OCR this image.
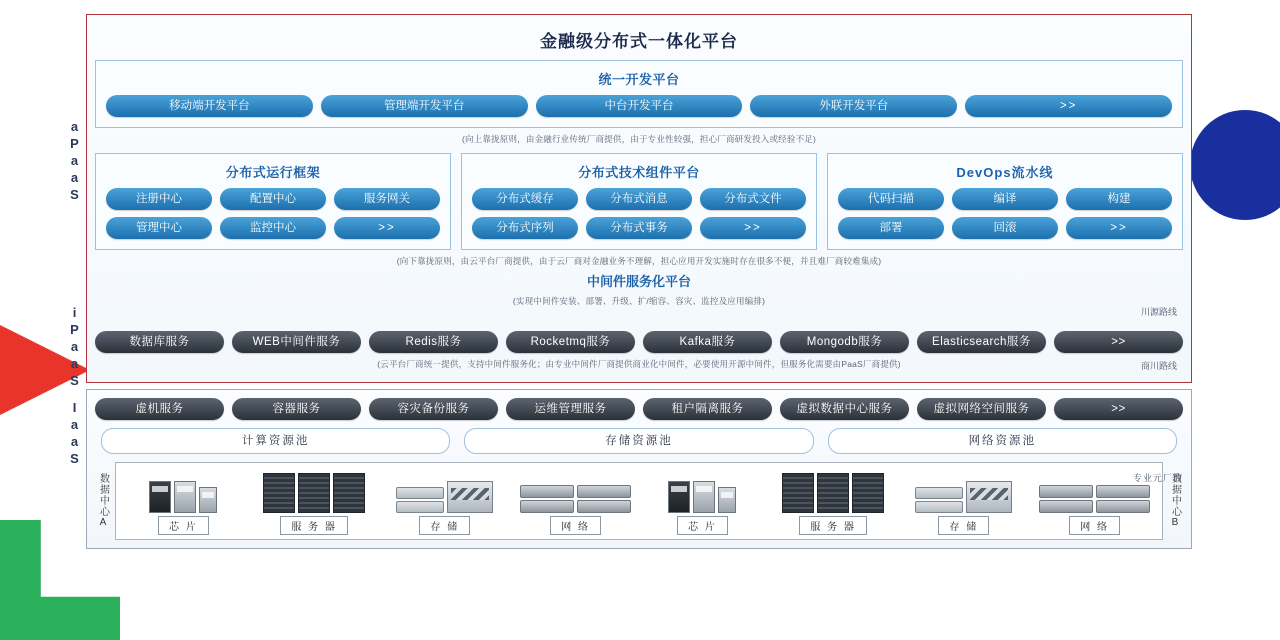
金融级分布式一体化平台
aPaaS
iPaaS
统一开发平台
移动端开发平台	管理端开发平台	中台开发平台	外联开发平台	>>
(向上靠拢原则，由金融行业传统厂商提供，由于专业性较强，担心厂商研发投入或经验不足)
分布式运行框架
注册中心	配置中心	服务网关
管理中心	监控中心	>>
分布式技术组件平台
分布式缓存	分布式消息	分布式文件
分布式序列	分布式事务	>>
DevOps流水线
代码扫描	编译	构建
部署	回滚	>>
(向下靠拢原则，由云平台厂商提供，由于云厂商对金融业务不理解，担心应用开发实施时存在很多不便，并且难厂商较难集成)
中间件服务化平台
(实现中间件安装、部署、升级、扩/缩容、容灾、监控及应用编排)
川源路线
数据库服务	WEB中间件服务	Redis服务	Rocketmq服务	Kafka服务	Mongodb服务	Elasticsearch服务	>>
(云平台厂商统一提供，支持中间件服务化；由专业中间件厂商提供商业化中间件，必要使用开源中间件，但服务化需要由PaaS厂商提供)	商川路线
IaaS	虚机服务	容器服务	容灾备份服务	运维管理服务	租户隔离服务	虚拟数据中心服务	虚拟网络空间服务	>>
计算资源池	存储资源池	网络资源池
专业元厂商
数据中心A	芯 片	服 务 器	存 储	网 络	芯 片	服 务 器	存 储	网 络	数据中心B
